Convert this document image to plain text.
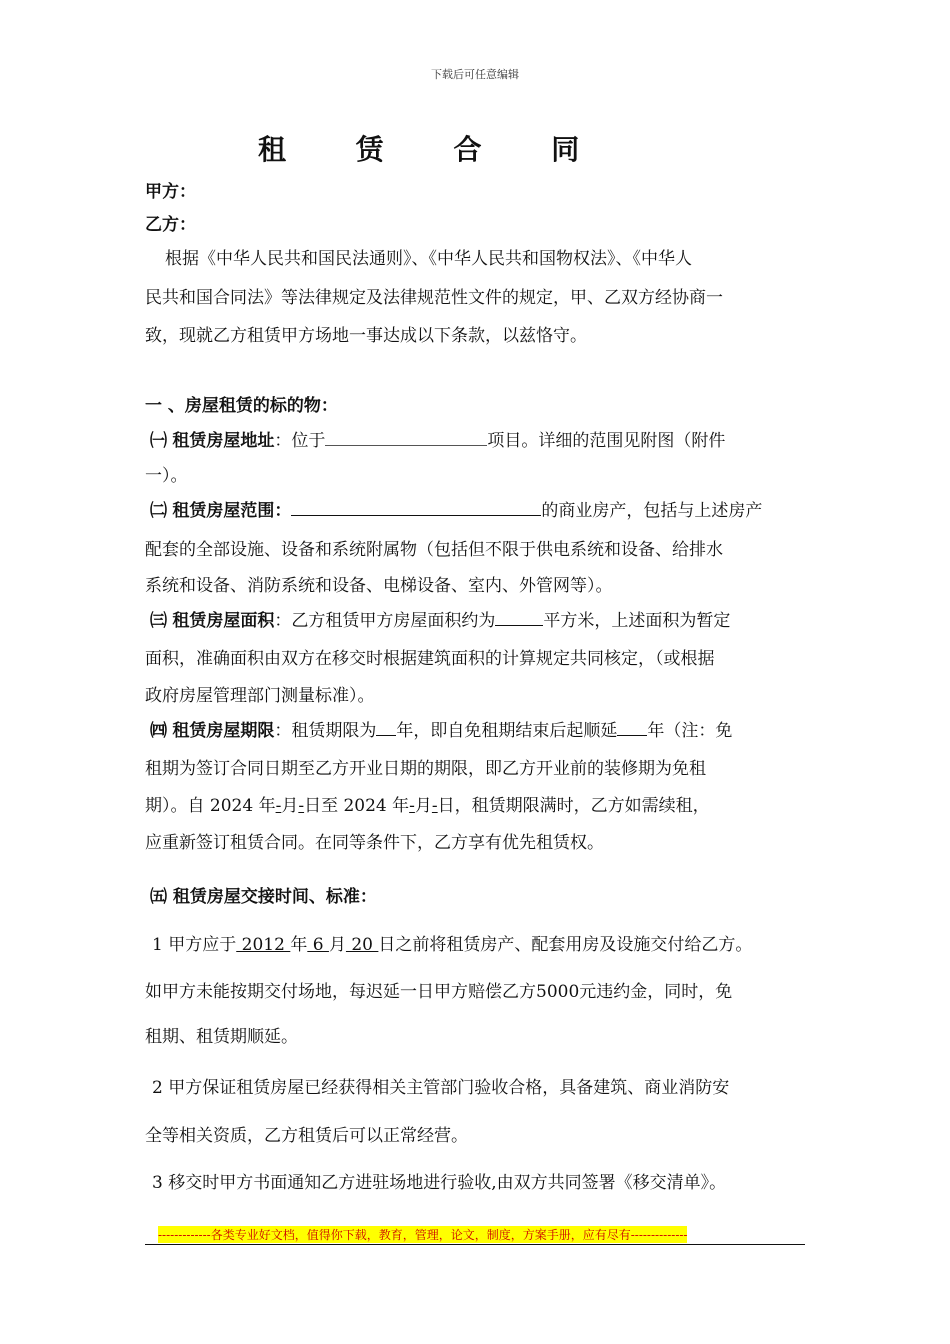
下载后可任意编辑
租 赁 合 同
甲方：
乙方：
根据《中华人民共和国民法通则》、《中华人民共和国物权法》、《中华人
民共和国合同法》等法律规定及法律规范性文件的规定，甲、乙双方经协商一
致，现就乙方租赁甲方场地一事达成以下条款，以兹恪守。
一 、房屋租赁的标的物：
㈠ 租赁房屋地址：位于	项目。详细的范围见附图（附件
一）。
㈡ 租赁房屋范围：	的商业房产，包括与上述房产
配套的全部设施、设备和系统附属物（包括但不限于供电系统和设备、给排水
系统和设备、消防系统和设备、电梯设备、室内、外管网等）。
㈢ 租赁房屋面积：乙方租赁甲方房屋面积约为	平方米，上述面积为暂定
面积，准确面积由双方在移交时根据建筑面积的计算规定共同核定，（或根据
政府房屋管理部门测量标准）。
㈣ 租赁房屋期限：租赁期限为 年，即自免租期结束后起顺延 年（注：免
租期为签订合同日期至乙方开业日期的期限，即乙方开业前的装修期为免租
期）。自 2024 年-月-日至 2024 年-月-日，租赁期限满时，乙方如需续租，
应重新签订租赁合同。在同等条件下，乙方享有优先租赁权。
㈤ 租赁房屋交接时间、标准：
1 甲方应于 2012 年 6 月 20 日之前将租赁房产、配套用房及设施交付给乙方。
如甲方未能按期交付场地，每迟延一日甲方赔偿乙方5000元违约金，同时，免
租期、租赁期顺延。
2 甲方保证租赁房屋已经获得相关主管部门验收合格，具备建筑、商业消防安
全等相关资质，乙方租赁后可以正常经营。
3 移交时甲方书面通知乙方进驻场地进行验收,由双方共同签署《移交清单》。
-------------各类专业好文档，值得你下载，教育，管理，论文，制度，方案手册，应有尽有--------------
